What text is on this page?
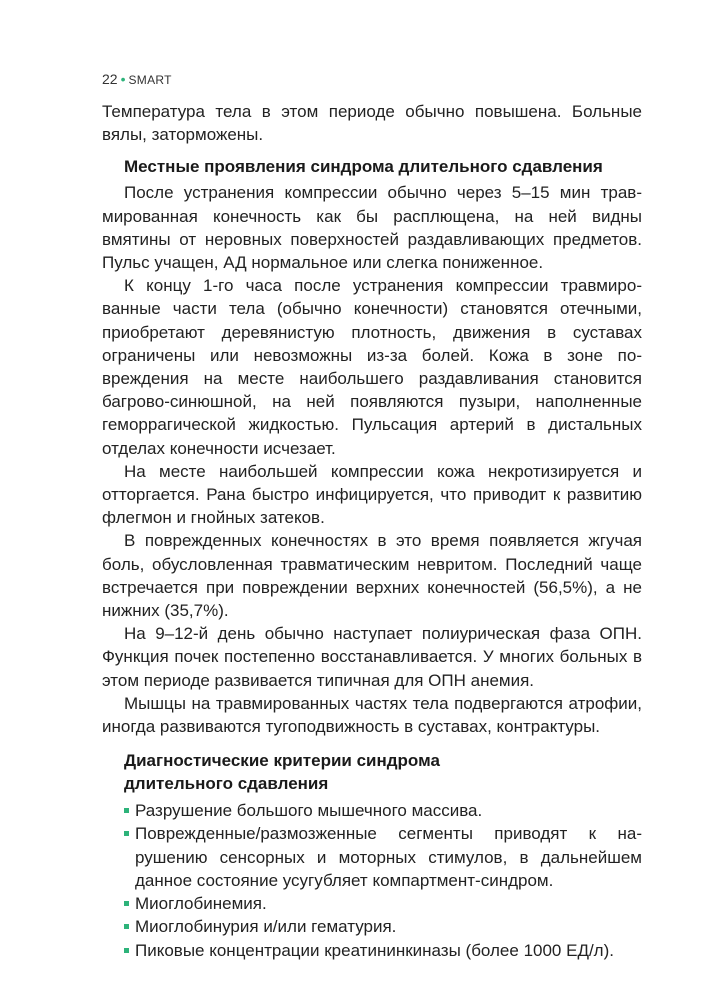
22 • SMART

Температура тела в этом периоде обычно повышена. Больные вялы, заторможены.

Местные проявления синдрома длительного сдавления

После устранения компрессии обычно через 5–15 мин травмированная конечность как бы расплющена, на ней видны вмятины от неровных поверхностей раздавливающих предметов. Пульс учащен, АД нормальное или слегка пониженное.

К концу 1-го часа после устранения компрессии травмированные части тела (обычно конечности) становятся отечными, приобретают деревянистую плотность, движения в суставах ограничены или невозможны из-за болей. Кожа в зоне повреждения на месте наибольшего раздавливания становится багрово-синюшной, на ней появляются пузыри, наполненные геморрагической жидкостью. Пульсация артерий в дистальных отделах конечности исчезает.

На месте наибольшей компрессии кожа некротизируется и отторгается. Рана быстро инфицируется, что приводит к развитию флегмон и гнойных затеков.

В поврежденных конечностях в это время появляется жгучая боль, обусловленная травматическим невритом. Последний чаще встречается при повреждении верхних конечностей (56,5%), а не нижних (35,7%).

На 9–12-й день обычно наступает полиурическая фаза ОПН. Функция почек постепенно восстанавливается. У многих больных в этом периоде развивается типичная для ОПН анемия.

Мышцы на травмированных частях тела подвергаются атрофии, иногда развиваются тугоподвижность в суставах, контрактуры.

Диагностические критерии синдрома длительного сдавления
Разрушение большого мышечного массива.
Поврежденные/размозженные сегменты приводят к нарушению сенсорных и моторных стимулов, в дальнейшем данное состояние усугубляет компартмент-синдром.
Миоглобинемия.
Миоглобинурия и/или гематурия.
Пиковые концентрации креатининкиназы (более 1000 ЕД/л).
